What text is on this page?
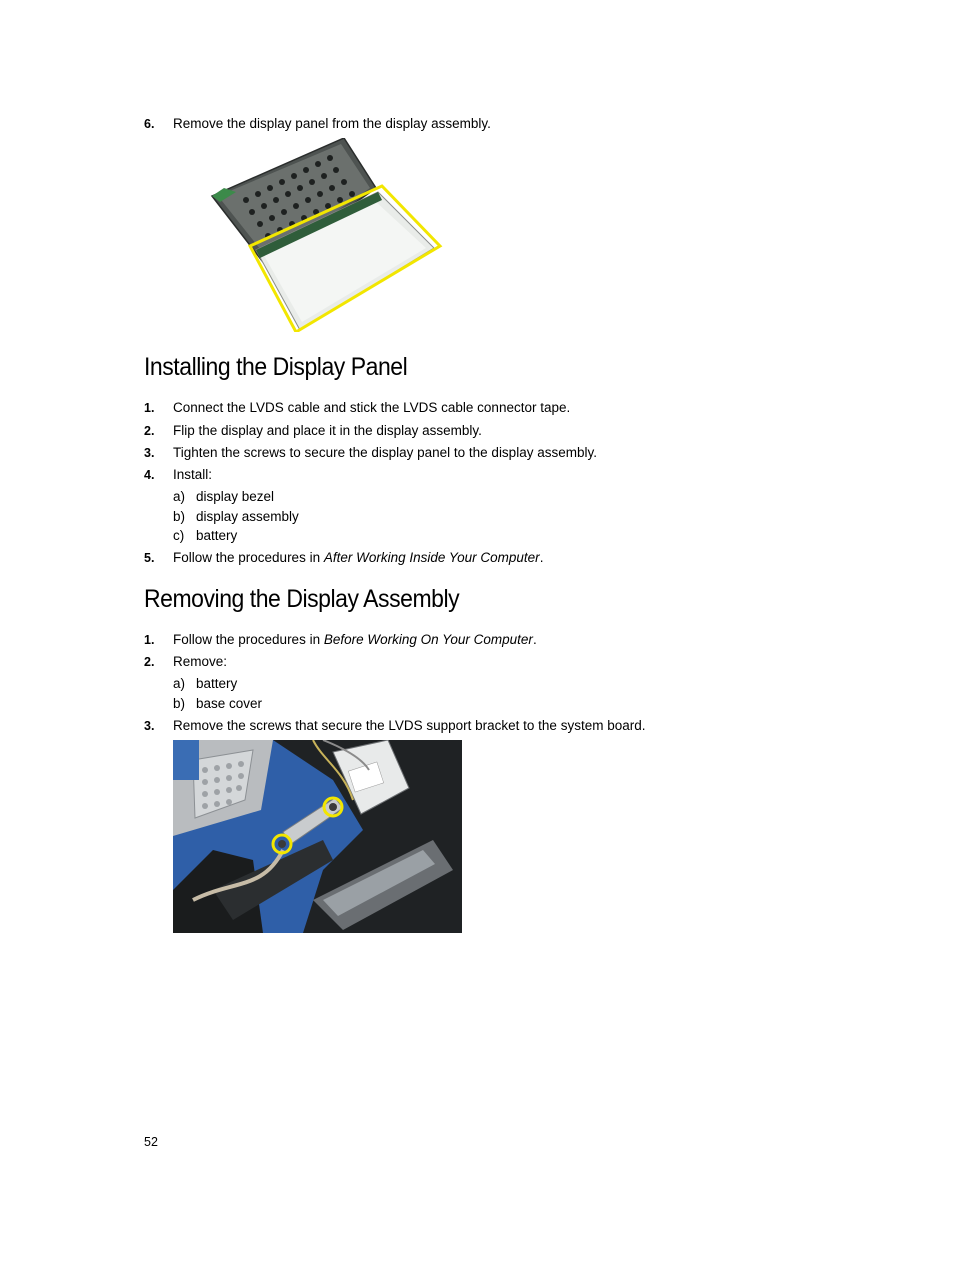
6. Remove the display panel from the display assembly.
Installing the Display Panel
1. Connect the LVDS cable and stick the LVDS cable connector tape.
2. Flip the display and place it in the display assembly.
3. Tighten the screws to secure the display panel to the display assembly.
4. Install:
a) display bezel
b) display assembly
c) battery
5. Follow the procedures in After Working Inside Your Computer.
Removing the Display Assembly
1. Follow the procedures in Before Working On Your Computer.
2. Remove:
a) battery
b) base cover
3. Remove the screws that secure the LVDS support bracket to the system board.
52
